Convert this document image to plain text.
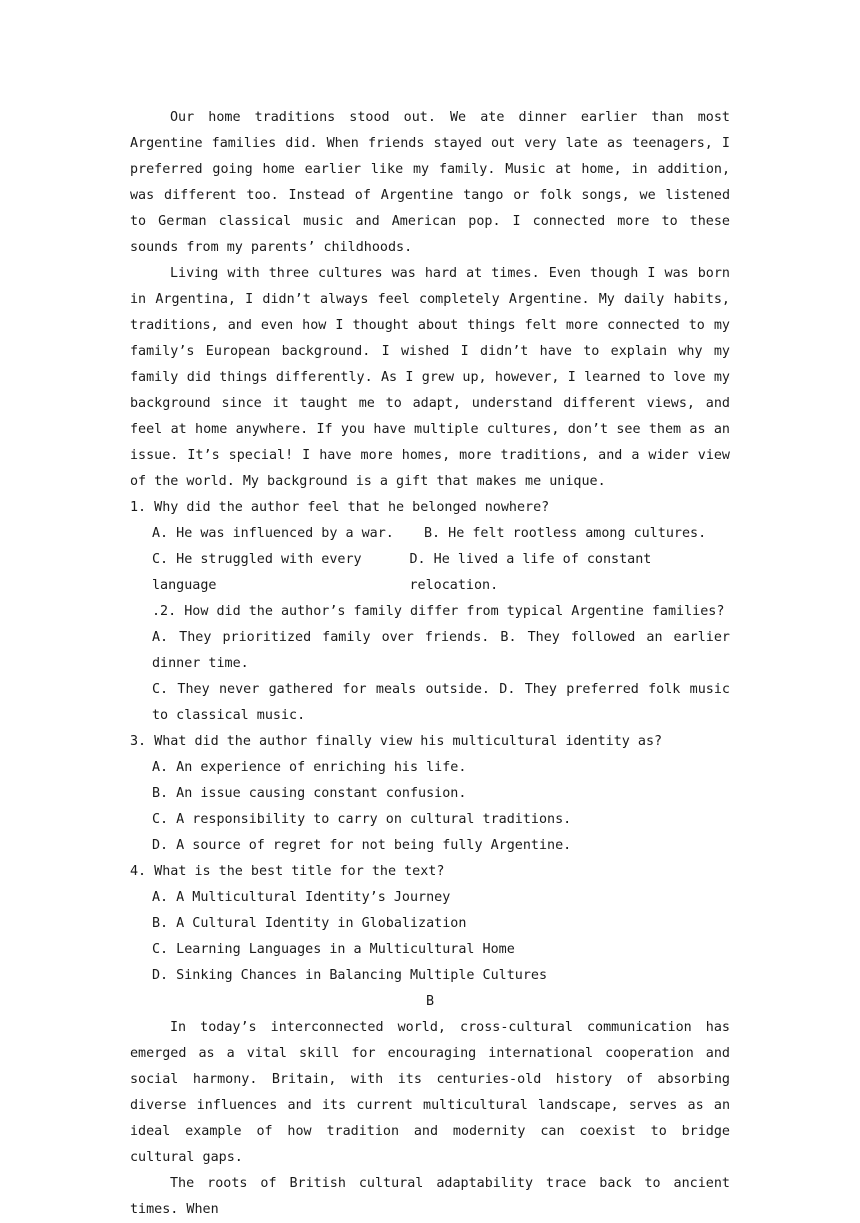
Our home traditions stood out. We ate dinner earlier than most Argentine families did. When friends stayed out very late as teenagers, I preferred going home earlier like my family. Music at home, in addition, was different too. Instead of Argentine tango or folk songs, we listened to German classical music and American pop. I connected more to these sounds from my parents’ childhoods.

Living with three cultures was hard at times. Even though I was born in Argentina, I didn’t always feel completely Argentine. My daily habits, traditions, and even how I thought about things felt more connected to my family’s European background. I wished I didn’t have to explain why my family did things differently. As I grew up, however, I learned to love my background since it taught me to adapt, understand different views, and feel at home anywhere. If you have multiple cultures, don’t see them as an issue. It’s special! I have more homes, more traditions, and a wider view of the world. My background is a gift that makes me unique.

1. Why did the author feel that he belonged nowhere?

A. He was influenced by a war.	B. He felt rootless among cultures.
C. He struggled with every language
D. He lived a life of constant relocation.

.2. How did the author’s family differ from typical Argentine families?

A. They prioritized family over friends. B. They followed an earlier dinner time.

C. They never gathered for meals outside. D. They preferred folk music to classical music.

3. What did the author finally view his multicultural identity as?

A. An experience of enriching his life.

B. An issue causing constant confusion.

C. A responsibility to carry on cultural traditions.

D. A source of regret for not being fully Argentine.

4. What is the best title for the text?

A. A Multicultural Identity’s Journey

B. A Cultural Identity in Globalization

C. Learning Languages in a Multicultural Home

D. Sinking Chances in Balancing Multiple Cultures

B

In today’s interconnected world, cross-cultural communication has emerged as a vital skill for encouraging international cooperation and social harmony. Britain, with its centuries-old history of absorbing diverse influences and its current multicultural landscape, serves as an ideal example of how tradition and modernity can coexist to bridge cultural gaps.

The roots of British cultural adaptability trace back to ancient times. When
